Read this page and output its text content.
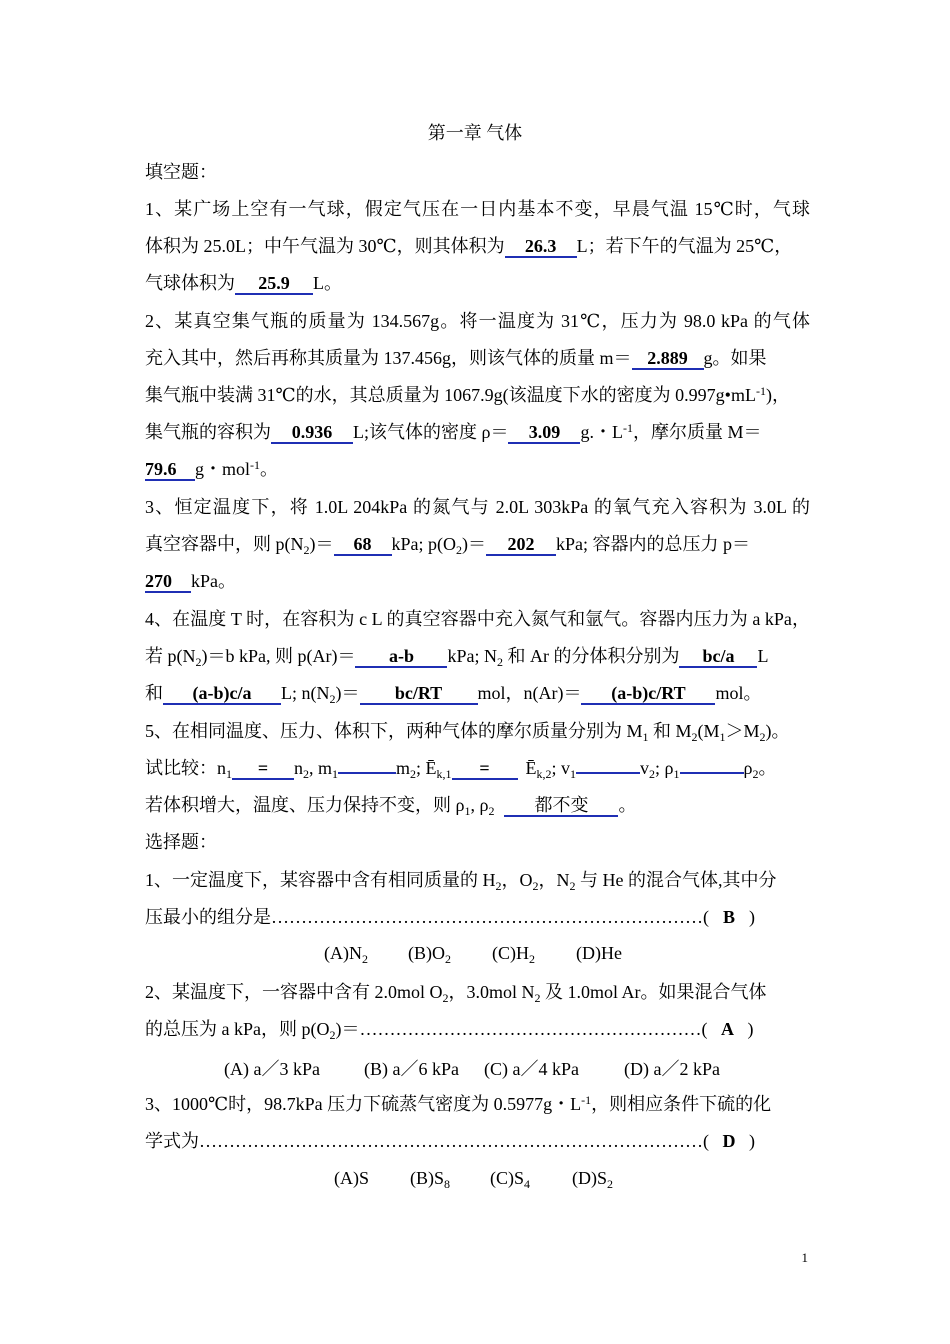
第一章 气体
填空题：
1、某广场上空有一气球，假定气压在一日内基本不变，早晨气温 15℃时，气球
体积为 25.0L；中午气温为 30℃，则其体积为 26.3 L；若下午的气温为 25℃，
气球体积为 25.9 L。
2、某真空集气瓶的质量为 134.567g。将一温度为 31℃，压力为 98.0 kPa 的气体
充入其中，然后再称其质量为 137.456g，则该气体的质量 m＝ 2.889 g。如果
集气瓶中装满 31℃的水，其总质量为 1067.9g(该温度下水的密度为 $0.997g•mL^{-1}$)，
集气瓶的容积为 0.936 L;该气体的密度 ρ＝ 3.09 g.・$L^{-1}$，摩尔质量 M＝
79.6 g・mol$^{-1}$。
3、恒定温度下，将 1.0L 204kPa 的氮气与 2.0L 303kPa 的氧气充入容积为 3.0L 的
真空容器中，则 $p(N_2)= 68$ kPa; $p(O_2)= 202$ kPa; 容器内的总压力 p＝
270 kPa。
4、在温度 T 时，在容积为 c L 的真空容器中充入氮气和氩气。容器内压力为 a kPa，
若 $p(N_2)=b$ kPa, 则 p(Ar)＝ a-b kPa; $N_2$ 和 Ar 的分体积分别为 bc/a L
和 (a-b)c/a L; $n(N_2)= bc/RT$ mol，n(Ar)＝ (a-b)c/RT mol。
5、在相同温度、压力、体积下，两种气体的摩尔质量分别为 $M_1$ 和 $M_2(M_1>M_2)$。
试比较：$n_1 = n_2$, $m_1$	$m_2$; $Ē_{k,1}$ = $Ē_{k,2}$; $v_1$	$v_2$; $\rho_1$	$\rho_2$。
若体积增大，温度、压力保持不变，则 $\rho_1$, $\rho_2$ 都不变 。
选择题：
1、一定温度下，某容器中含有相同质量的 $H_2$，$O_2$，$N_2$ 与 He 的混合气体,其中分
压最小的组分是………………………………………………………………( B )
$(A)N_2$ $(B)O_2$ $(C)H_2$ (D)He
2、某温度下，一容器中含有 2.0mol $O_2$，3.0mol $N_2$ 及 1.0mol Ar。如果混合气体
的总压为 a kPa，则 $p(O_2)=\dots\dots\dots\dots\dots\dots\dots\dots\dots\dots\dots\dots\dots\dots\dots\dots\dots\dots\dots$( A )
(A) a／3 kPa (B) a／6 kPa (C) a／4 kPa	(D) a／2 kPa
3、1000℃时，98.7kPa 压力下硫蒸气密度为 0.5977g・$L^{-1}$，则相应条件下硫的化
学式为…………………………………………………………………………( D )
(A)S $(B)S_8$ $(C)S_4$ $(D)S_2$
1
